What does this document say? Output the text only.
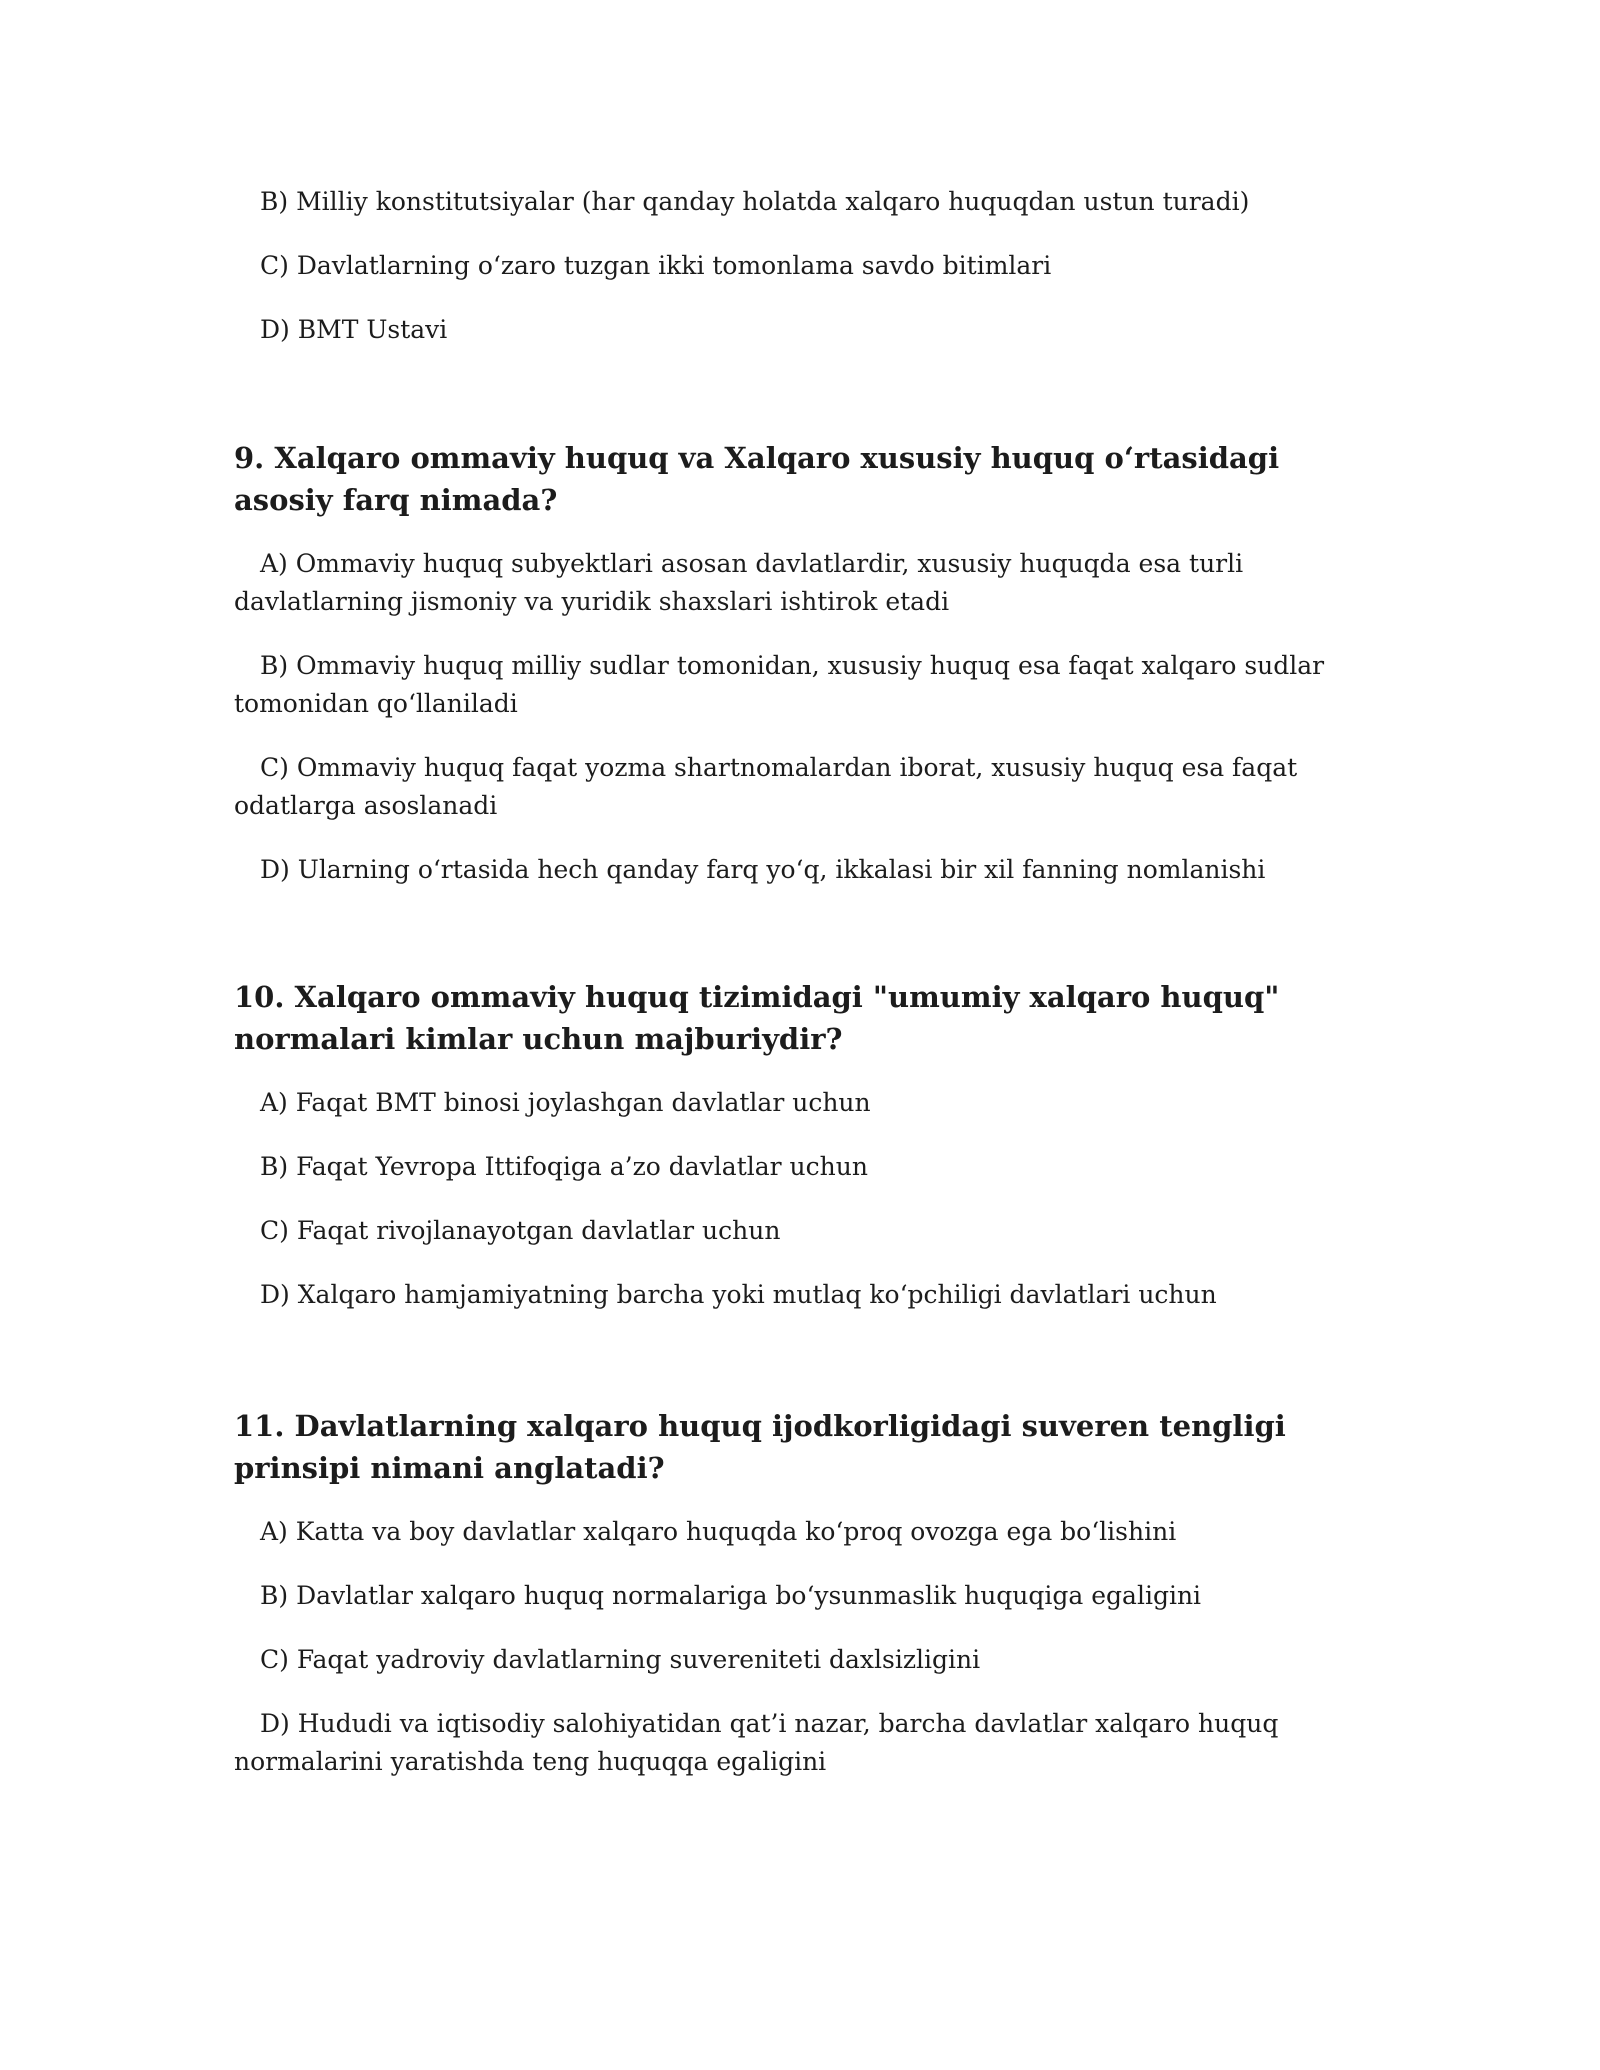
B) Milliy konstitutsiyalar (har qanday holatda xalqaro huquqdan ustun turadi)

C) Davlatlarning o‘zaro tuzgan ikki tomonlama savdo bitimlari

D) BMT Ustavi

9. Xalqaro ommaviy huquq va Xalqaro xususiy huquq o‘rtasidagi asosiy farq nimada?

A) Ommaviy huquq subyektlari asosan davlatlardir, xususiy huquqda esa turli davlatlarning jismoniy va yuridik shaxslari ishtirok etadi

B) Ommaviy huquq milliy sudlar tomonidan, xususiy huquq esa faqat xalqaro sudlar tomonidan qo‘llaniladi

C) Ommaviy huquq faqat yozma shartnomalardan iborat, xususiy huquq esa faqat odatlarga asoslanadi

D) Ularning o‘rtasida hech qanday farq yo‘q, ikkalasi bir xil fanning nomlanishi

10. Xalqaro ommaviy huquq tizimidagi "umumiy xalqaro huquq" normalari kimlar uchun majburiydir?

A) Faqat BMT binosi joylashgan davlatlar uchun

B) Faqat Yevropa Ittifoqiga a’zo davlatlar uchun

C) Faqat rivojlanayotgan davlatlar uchun

D) Xalqaro hamjamiyatning barcha yoki mutlaq ko‘pchiligi davlatlari uchun

11. Davlatlarning xalqaro huquq ijodkorligidagi suveren tengligi prinsipi nimani anglatadi?

A) Katta va boy davlatlar xalqaro huquqda ko‘proq ovozga ega bo‘lishini

B) Davlatlar xalqaro huquq normalariga bo‘ysunmaslik huquqiga egaligini

C) Faqat yadroviy davlatlarning suvereniteti daxlsizligini

D) Hududi va iqtisodiy salohiyatidan qat’i nazar, barcha davlatlar xalqaro huquq normalarini yaratishda teng huquqqa egaligini
